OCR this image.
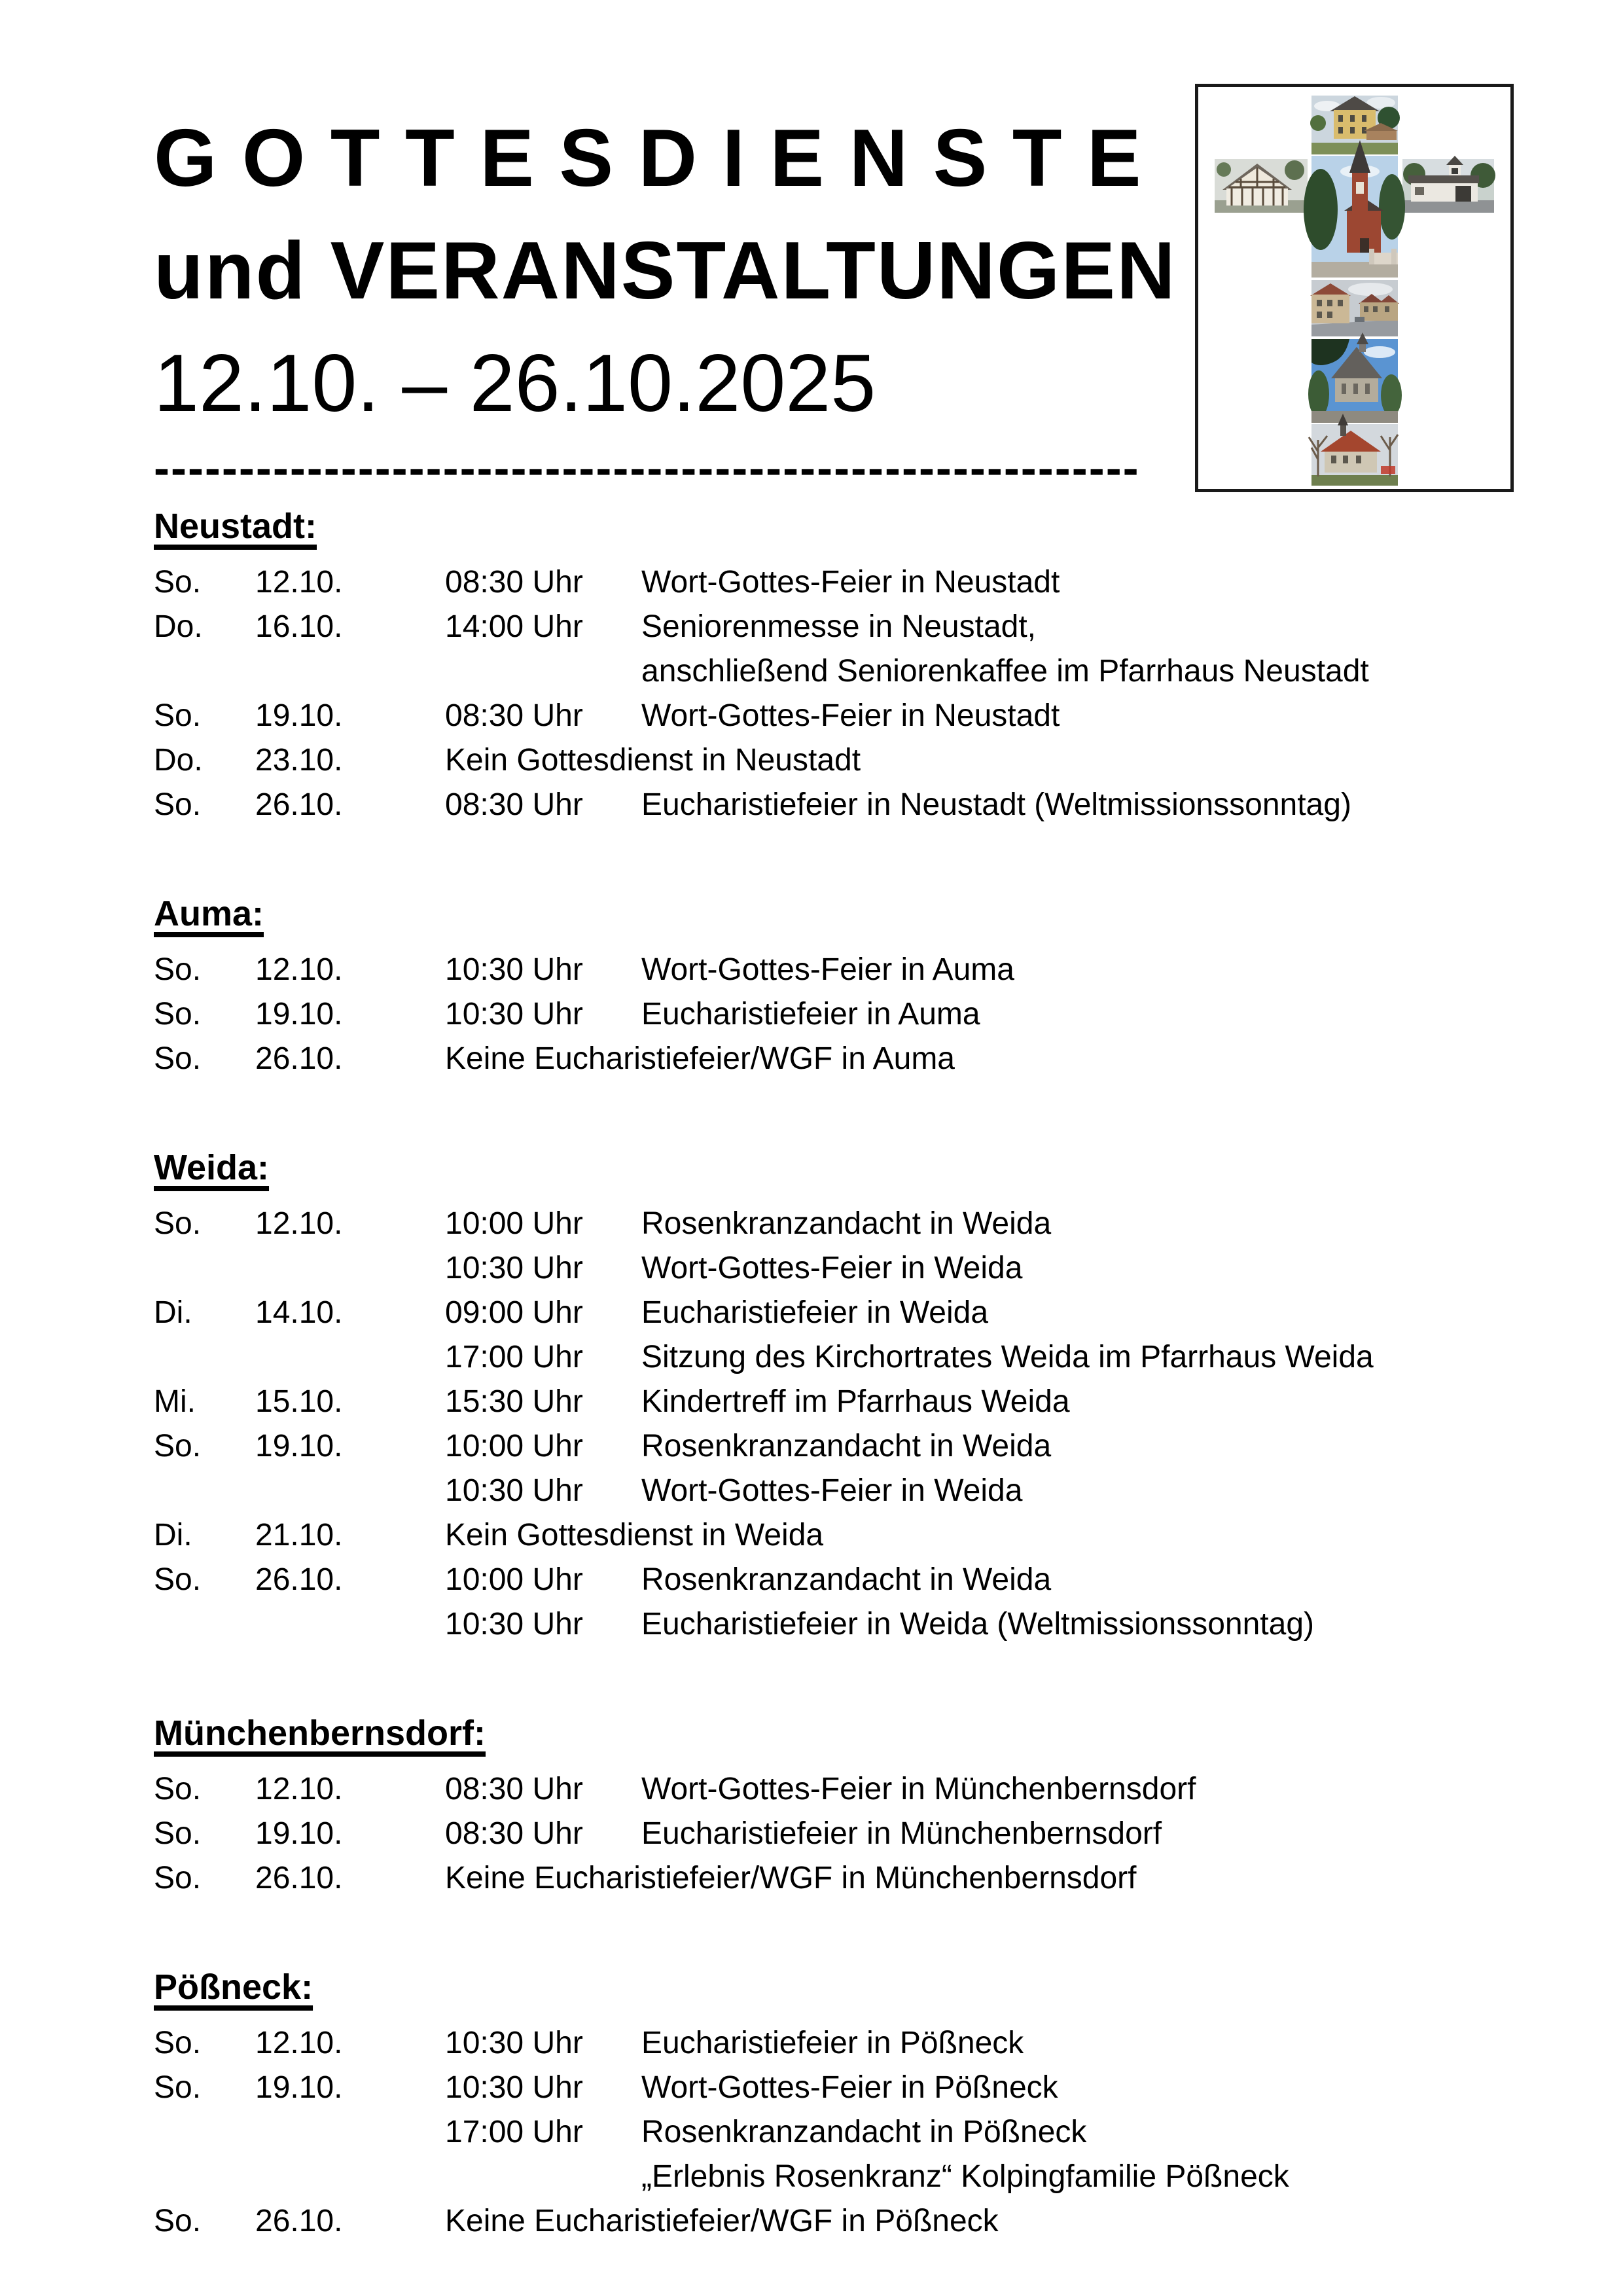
G O T T E S D I E N S T E
und VERANSTALTUNGEN
12.10. – 26.10.2025
----------------------------------------------------------
Neustadt:
So.	12.10.	08:30 Uhr	Wort-Gottes-Feier in Neustadt
Do.	16.10.	14:00 Uhr	Seniorenmesse in Neustadt,
anschließend Seniorenkaffee im Pfarrhaus Neustadt
So.	19.10.	08:30 Uhr	Wort-Gottes-Feier in Neustadt
Do.	23.10.	Kein Gottesdienst in Neustadt
So.	26.10.	08:30 Uhr	Eucharistiefeier in Neustadt (Weltmissionssonntag)
Auma:
So.	12.10.	10:30 Uhr	Wort-Gottes-Feier in Auma
So.	19.10.	10:30 Uhr	Eucharistiefeier in Auma
So.	26.10.	Keine Eucharistiefeier/WGF in Auma
Weida:
So.	12.10.	10:00 Uhr	Rosenkranzandacht in Weida
10:30 Uhr	Wort-Gottes-Feier in Weida
Di.	14.10.	09:00 Uhr	Eucharistiefeier in Weida
17:00 Uhr	Sitzung des Kirchortrates Weida im Pfarrhaus Weida
Mi.	15.10.	15:30 Uhr	Kindertreff im Pfarrhaus Weida
So.	19.10.	10:00 Uhr	Rosenkranzandacht in Weida
10:30 Uhr	Wort-Gottes-Feier in Weida
Di.	21.10.	Kein Gottesdienst in Weida
So.	26.10.	10:00 Uhr	Rosenkranzandacht in Weida
10:30 Uhr	Eucharistiefeier in Weida (Weltmissionssonntag)
Münchenbernsdorf:
So.	12.10.	08:30 Uhr	Wort-Gottes-Feier in Münchenbernsdorf
So.	19.10.	08:30 Uhr	Eucharistiefeier in Münchenbernsdorf
So.	26.10.	Keine Eucharistiefeier/WGF in Münchenbernsdorf
Pößneck:
So.	12.10.	10:30 Uhr	Eucharistiefeier in Pößneck
So.	19.10.	10:30 Uhr	Wort-Gottes-Feier in Pößneck
17:00 Uhr	Rosenkranzandacht in Pößneck
„Erlebnis Rosenkranz“ Kolpingfamilie Pößneck
So.	26.10.	Keine Eucharistiefeier/WGF in Pößneck
